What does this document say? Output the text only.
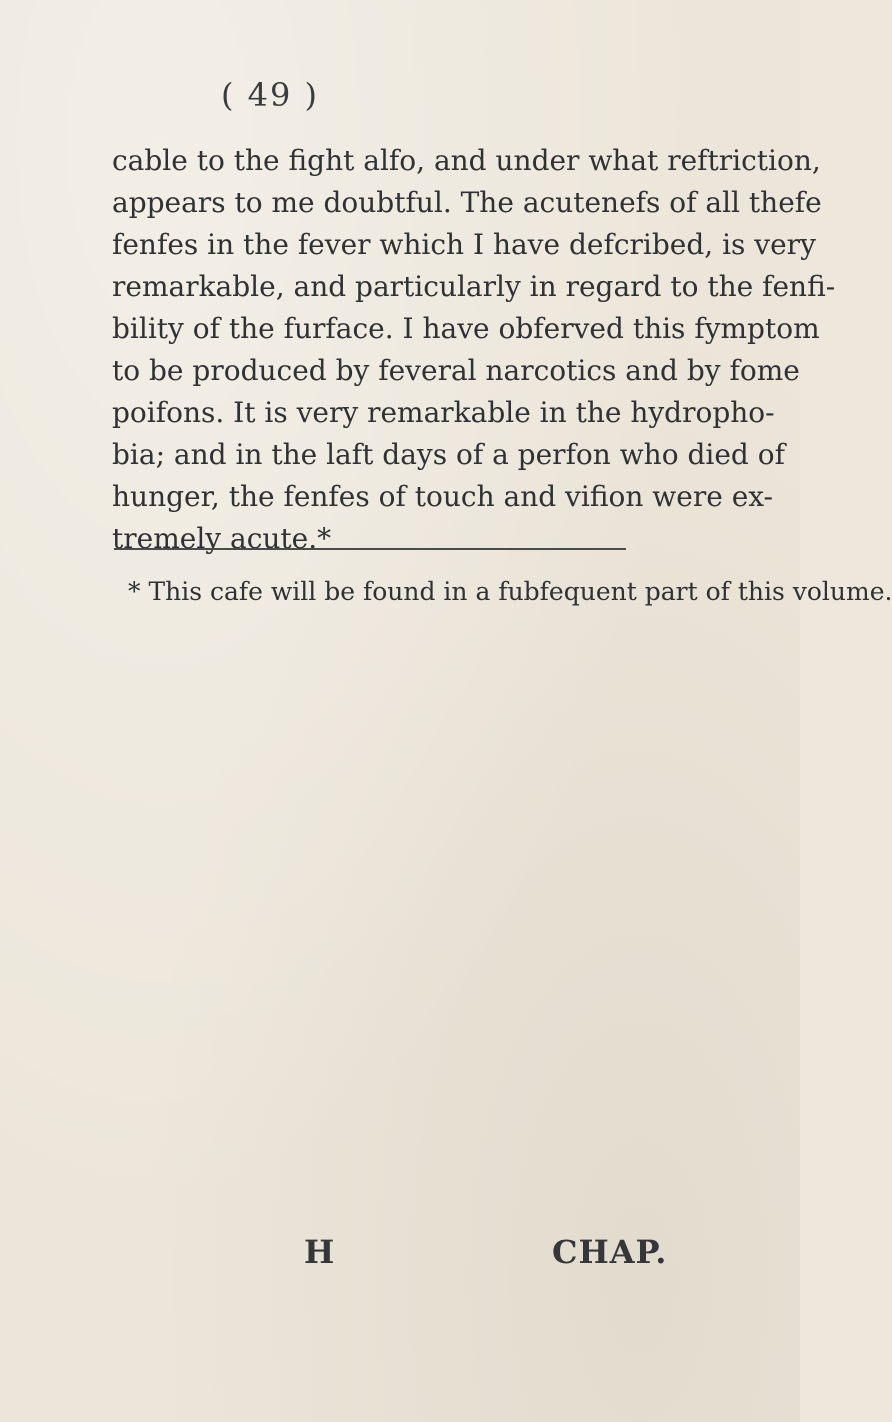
( 49 )

cable to the fight alfo, and under what reftriction,
appears to me doubtful. The acutenefs of all thefe
fenfes in the fever which I have defcribed, is very
remarkable, and particularly in regard to the fenfi-
bility of the furface. I have obferved this fymptom
to be produced by feveral narcotics and by fome
poifons. It is very remarkable in the hydropho-
bia; and in the laft days of a perfon who died of
hunger, the fenfes of touch and vifion were ex-
tremely acute.*

* This cafe will be found in a fubfequent part of this volume.

H	CHAP.
